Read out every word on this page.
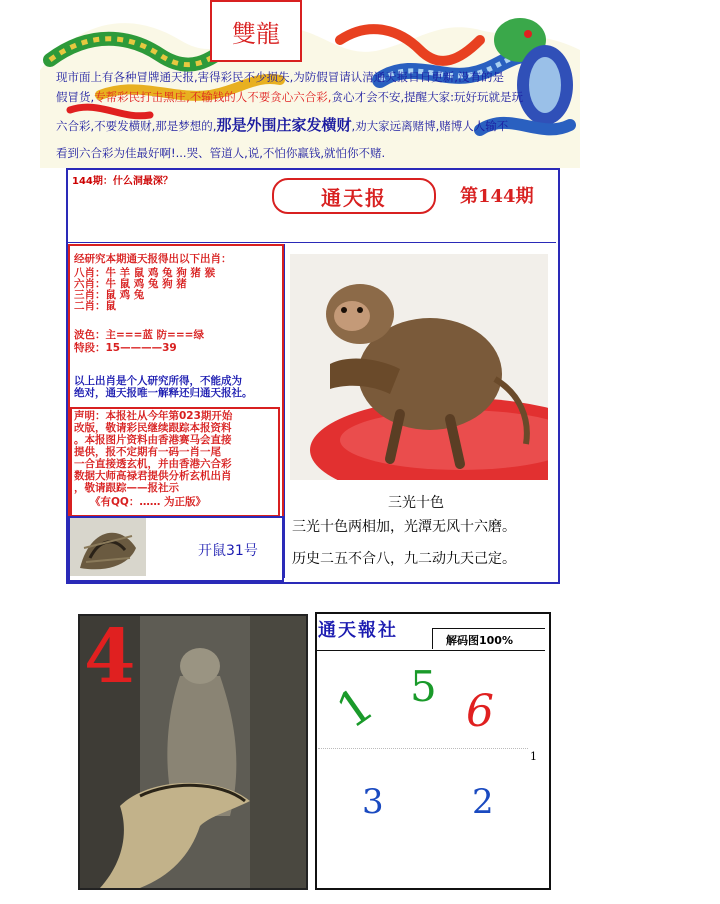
雙龍
现市面上有各种冒牌通天报,害得彩民不少损失,为防假冒请认清通天报日日更新,没有的是
假冒货,专帮彩民打击黑庄,不输钱的人不要贪心六合彩,贪心才会不安,提醒大家:玩好玩就是玩
六合彩,不要发横财,那是梦想的,那是外围庄家发横财,劝大家远离赌博,赌博人人输不
看到六合彩为佳最好啊!...哭、管道人,说,不怕你赢钱,就怕你不赌.
144期：什么洞最深？
通天报	第144期
经研究本期通天报得出以下出肖：
八肖：牛 羊 鼠 鸡 兔 狗 猪 猴
六肖：牛 鼠 鸡 兔 狗 猪
三肖：鼠 鸡 兔
二肖：鼠
波色：主===蓝 防===绿
特段：15————39
以上出肖是个人研究所得，不能成为
绝对，通天报唯一解释还归通天报社。
声明：本报社从今年第023期开始
改版，敬请彩民继续跟踪本报资料
。本报图片资料由香港赛马会直接
提供，报不定期有一码一肖一尾
一合直接透玄机，并由香港六合彩
数据大师高禄君提供分析玄机出肖
，敬请跟踪——报社示
《有QQ：…… 为正版》
开鼠31号
三光十色
三光十色两相加，光潭无风十六磨。
历史二五不合八，九二动九天己定。
4	通天報社	解码图100%
1 5 6
1
3	2
